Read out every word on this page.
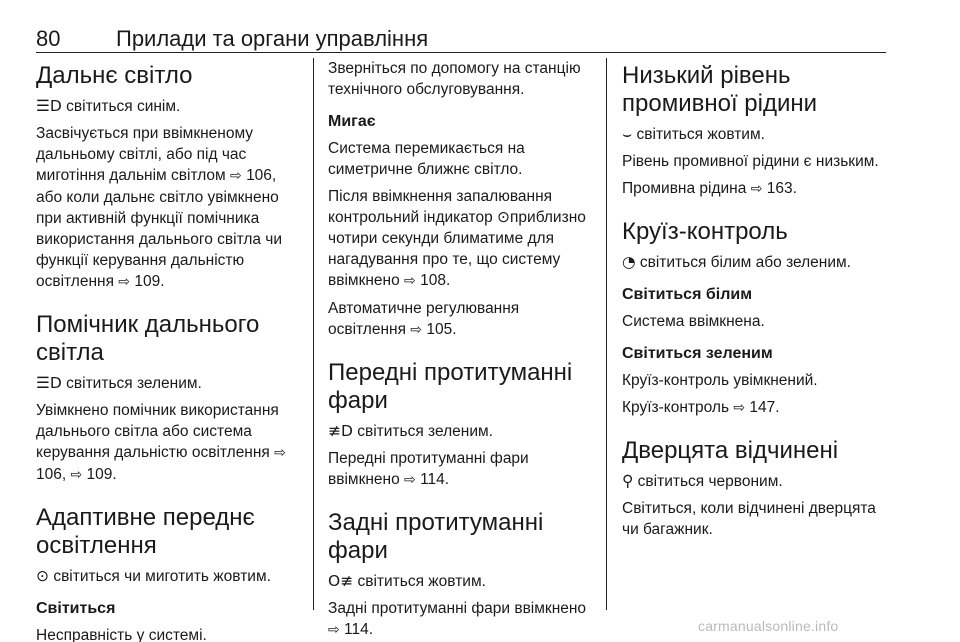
80	Прилади та органи управління
Дальнє світло

☰D світиться синім.

Засвічується при ввімкненому дальньому світлі, або під час миготіння дальнім світлом ⇨ 106, або коли дальнє світло увімкнено при активній функції помічника використання дальнього світла чи функції керування дальністю освітлення ⇨ 109.

Помічник дальнього світла

☰D світиться зеленим.

Увімкнено помічник використання дальнього світла або система керування дальністю освітлення ⇨ 106, ⇨ 109.

Адаптивне переднє освітлення

⊙ світиться чи миготить жовтим.

Світиться

Несправність у системі.

Зверніться по допомогу на станцію технічного обслуговування.

Мигає

Система перемикається на симетричне ближнє світло.

Після ввімкнення запалювання контрольний індикатор ⊙приблизно чотири секунди блиматиме для нагадування про те, що систему ввімкнено ⇨ 108.

Автоматичне регулювання освітлення ⇨ 105.

Передні протитуманні фари

≢D світиться зеленим.

Передні протитуманні фари ввімкнено ⇨ 114.

Задні протитуманні фари

O≢ світиться жовтим.

Задні протитуманні фари ввімкнено ⇨ 114.

Низький рівень промивної рідини

⌣ світиться жовтим.

Рівень промивної рідини є низьким.

Промивна рідина ⇨ 163.

Круїз-контроль

◔ світиться білим або зеленим.

Світиться білим

Система ввімкнена.

Світиться зеленим

Круїз-контроль увімкнений.

Круїз-контроль ⇨ 147.

Дверцята відчинені

⚲ світиться червоним.

Світиться, коли відчинені дверцята чи багажник.

carmanualsonline.info
